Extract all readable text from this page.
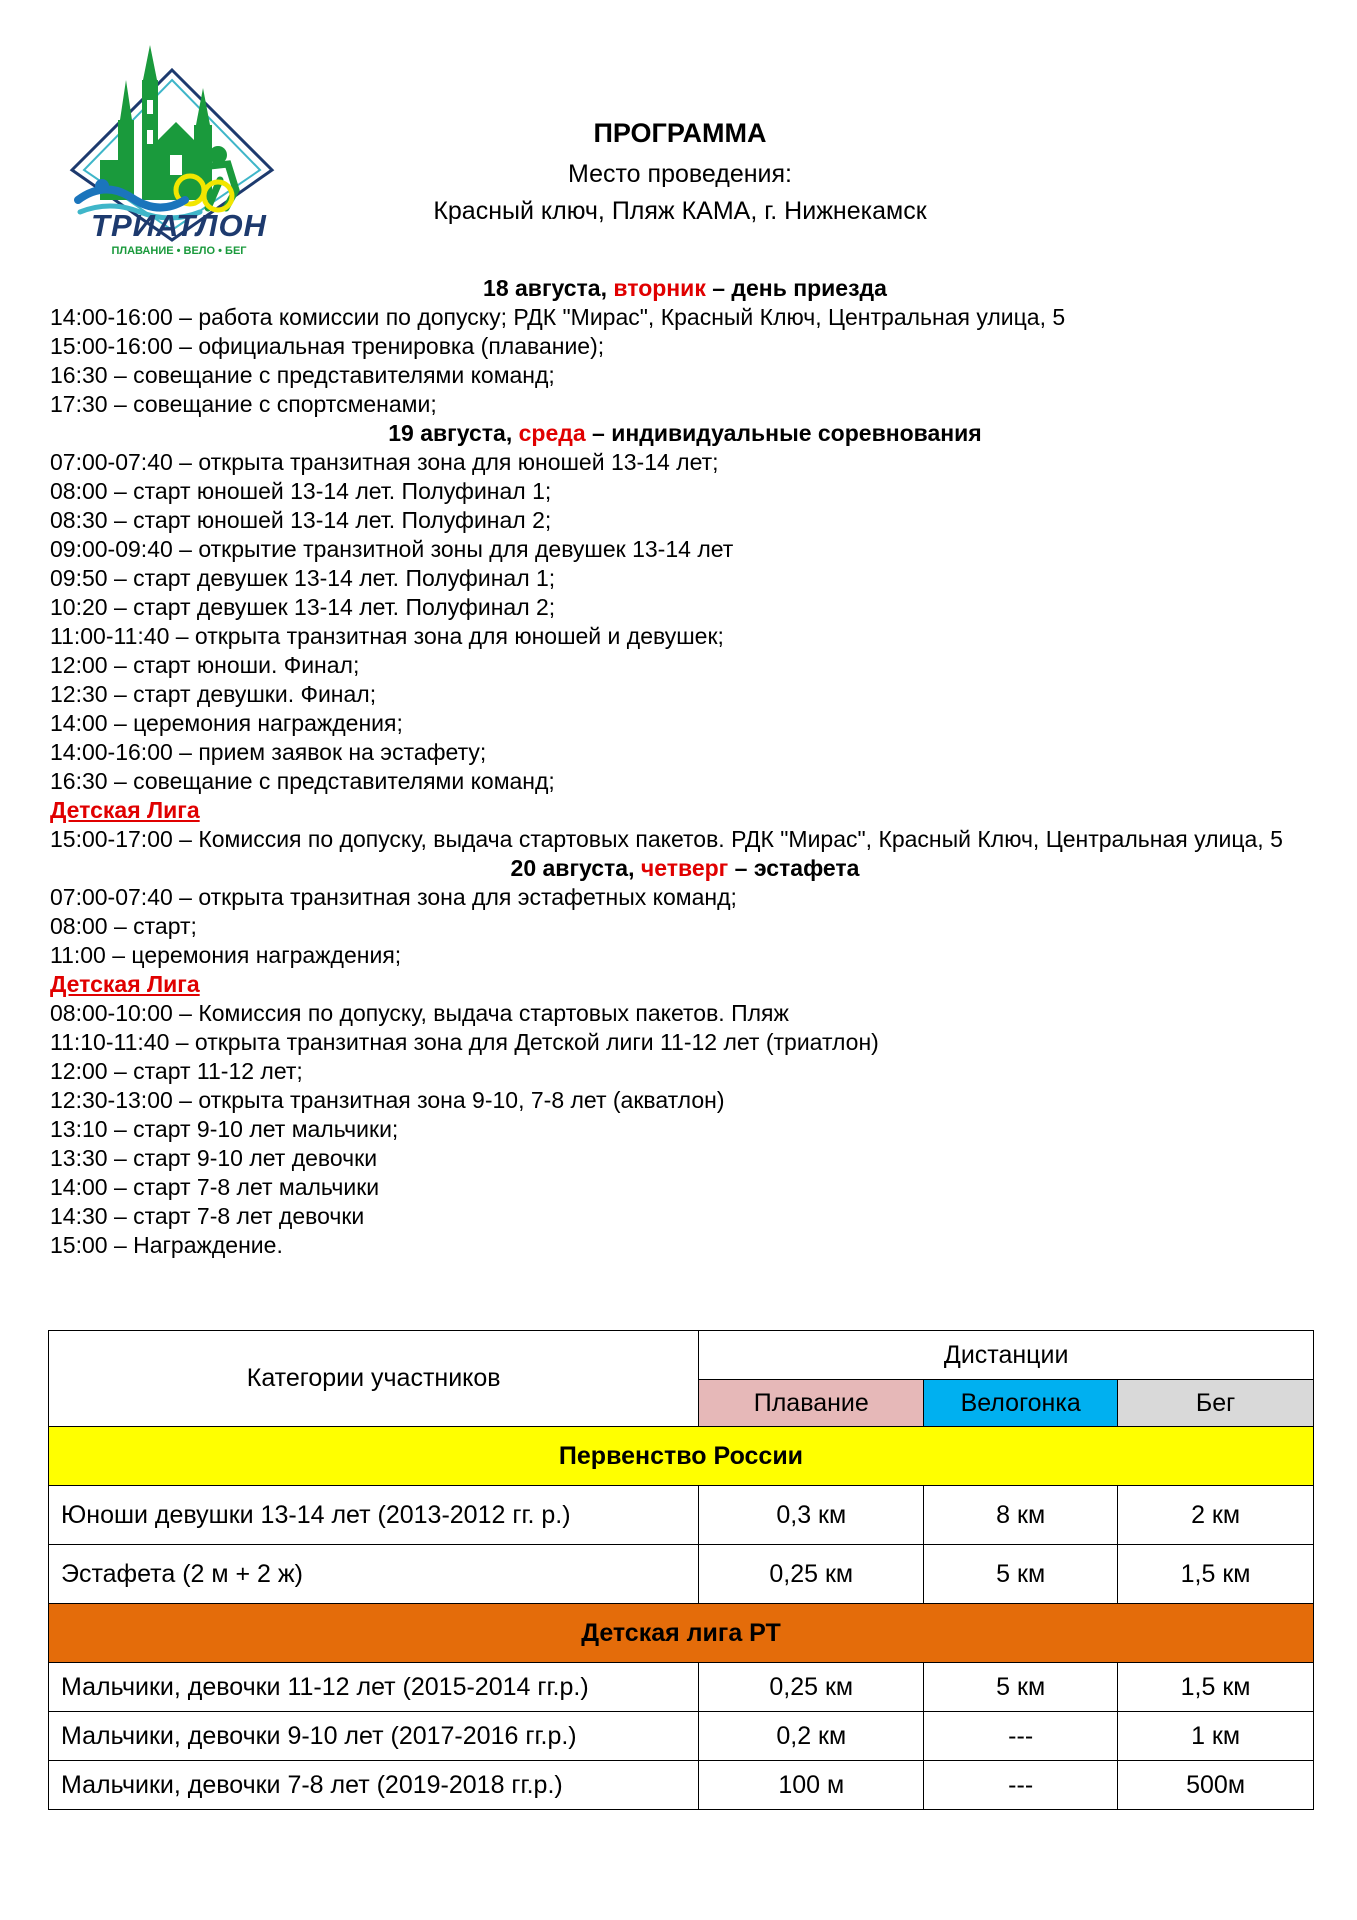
ТРИАТЛОН
ПЛАВАНИЕ • ВЕЛО • БЕГ
ПРОГРАММА
Место проведения:
Красный ключ, Пляж КАМА, г. Нижнекамск
18 августа, вторник – день приезда
14:00-16:00 – работа комиссии по допуску; РДК "Мирас", Красный Ключ, Центральная улица, 5
15:00-16:00 – официальная тренировка (плавание);
16:30 – совещание с представителями команд;
17:30 – совещание с спортсменами;
19 августа, среда – индивидуальные соревнования
07:00-07:40 – открыта транзитная зона для юношей 13-14 лет;
08:00 – старт юношей 13-14 лет. Полуфинал 1;
08:30 – старт юношей 13-14 лет. Полуфинал 2;
09:00-09:40 – открытие транзитной зоны для девушек 13-14 лет
09:50 – старт девушек 13-14 лет. Полуфинал 1;
10:20 – старт девушек 13-14 лет. Полуфинал 2;
11:00-11:40 – открыта транзитная зона для юношей и девушек;
12:00 – старт юноши. Финал;
12:30 – старт девушки. Финал;
14:00 – церемония награждения;
14:00-16:00 – прием заявок на эстафету;
16:30 – совещание с представителями команд;
Детская Лига
15:00-17:00 – Комиссия по допуску, выдача стартовых пакетов. РДК "Мирас", Красный Ключ, Центральная улица, 5
20 августа, четверг – эстафета
07:00-07:40 – открыта транзитная зона для эстафетных команд;
08:00 – старт;
11:00 – церемония награждения;
Детская Лига
08:00-10:00 – Комиссия по допуску, выдача стартовых пакетов. Пляж
11:10-11:40 – открыта транзитная зона для Детской лиги 11-12 лет (триатлон)
12:00 – старт 11-12 лет;
12:30-13:00 – открыта транзитная зона 9-10, 7-8 лет (акватлон)
13:10 – старт 9-10 лет мальчики;
13:30 – старт 9-10 лет девочки
14:00 – старт 7-8 лет мальчики
14:30 – старт 7-8 лет девочки
15:00 – Награждение.
Категории участников	Дистанции		
	Плавание	Велогонка	Бег
Первенство России			
Юноши девушки 13-14 лет (2013-2012 гг. р.)	0,3 км	8 км	2 км
Эстафета (2 м + 2 ж)	0,25 км	5 км	1,5 км
Детская лига РТ			
Мальчики, девочки 11-12 лет (2015-2014 гг.р.)	0,25 км	5 км	1,5 км
Мальчики, девочки 9-10 лет (2017-2016 гг.р.)	0,2 км	---	1 км
Мальчики, девочки 7-8 лет (2019-2018 гг.р.)	100 м	---	500м
